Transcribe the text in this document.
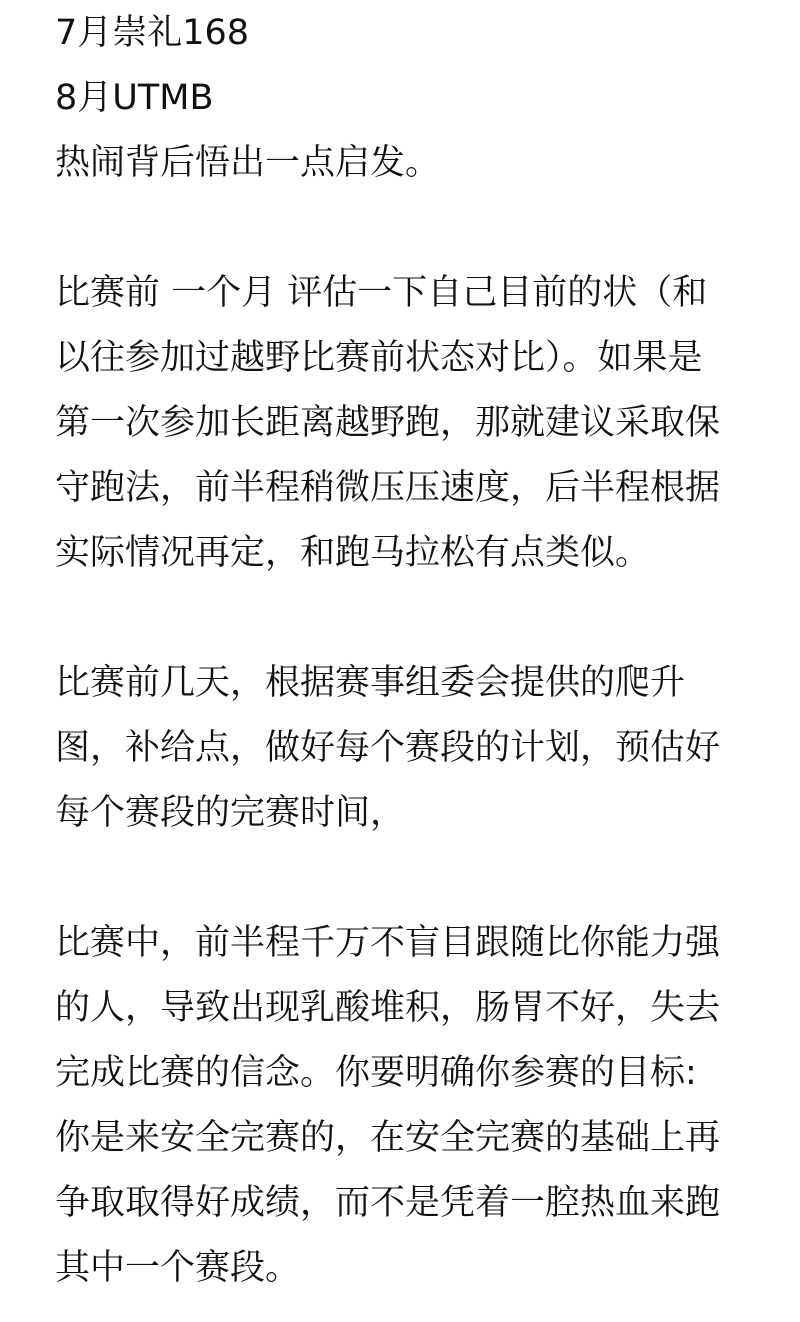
7月崇礼168
8月UTMB
热闹背后悟出一点启发。
比赛前 一个月 评估一下自己目前的状（和
以往参加过越野比赛前状态对比）。如果是
第一次参加长距离越野跑，那就建议采取保
守跑法，前半程稍微压压速度，后半程根据
实际情况再定，和跑马拉松有点类似。
比赛前几天，根据赛事组委会提供的爬升
图，补给点，做好每个赛段的计划，预估好
每个赛段的完赛时间，
比赛中，前半程千万不盲目跟随比你能力强
的人，导致出现乳酸堆积，肠胃不好，失去
完成比赛的信念。你要明确你参赛的目标:
你是来安全完赛的，在安全完赛的基础上再
争取取得好成绩，而不是凭着一腔热血来跑
其中一个赛段。
